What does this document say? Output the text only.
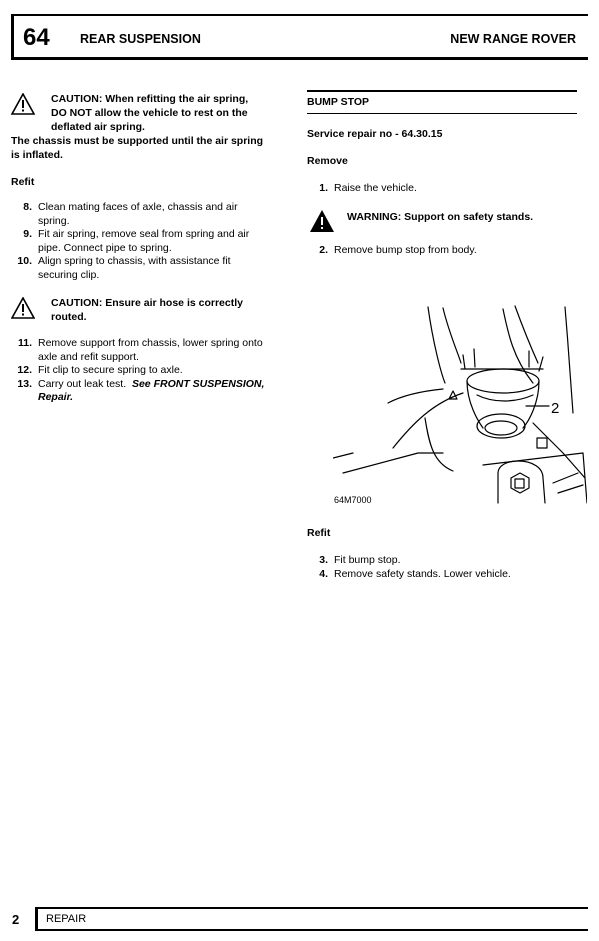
64 REAR SUSPENSION	NEW RANGE ROVER
CAUTION: When refitting the air spring,
DO NOT allow the vehicle to rest on the
deflated air spring.
The chassis must be supported until the air spring
is inflated.
Refit
8. Clean mating faces of axle, chassis and air
spring.
9. Fit air spring, remove seal from spring and air
pipe. Connect pipe to spring.
10. Align spring to chassis, with assistance fit
securing clip.
CAUTION: Ensure air hose is correctly
routed.
11. Remove support from chassis, lower spring onto
axle and refit support.
12. Fit clip to secure spring to axle.
13. Carry out leak test. See FRONT SUSPENSION,
Repair.
BUMP STOP
Service repair no - 64.30.15
Remove
1. Raise the vehicle.
WARNING: Support on safety stands.
2. Remove bump stop from body.
2
64M7000
Refit
3. Fit bump stop.
4. Remove safety stands. Lower vehicle.
2 REPAIR
